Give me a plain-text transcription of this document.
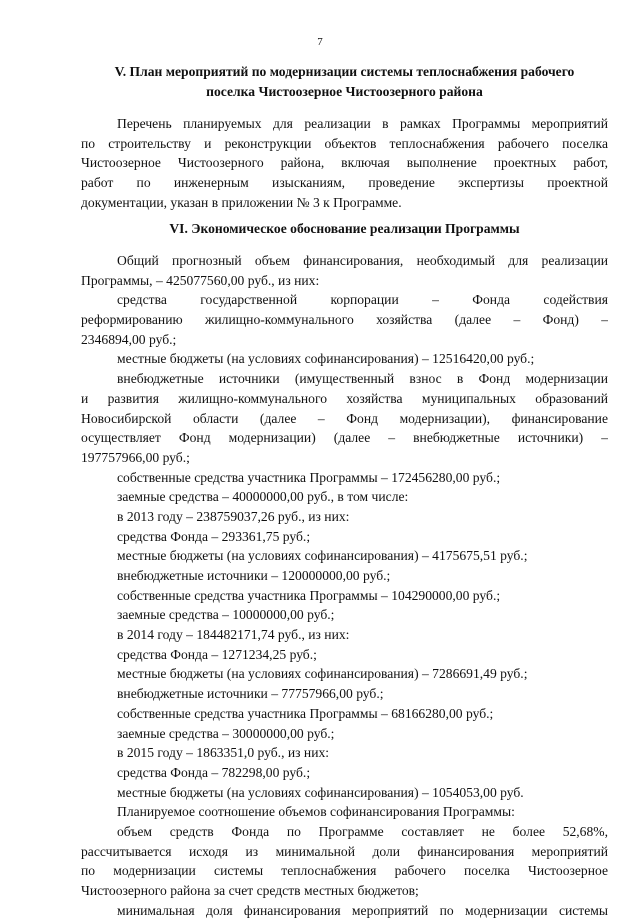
7
V. План мероприятий по модернизации системы теплоснабжения рабочего
поселка Чистоозерное Чистоозерного района
Перечень планируемых для реализации в рамках Программы мероприятий
по строительству и реконструкции объектов теплоснабжения рабочего поселка
Чистоозерное Чистоозерного района, включая выполнение проектных работ,
работ по инженерным изысканиям, проведение экспертизы проектной
документации, указан в приложении № 3 к Программе.
VI. Экономическое обоснование реализации Программы
Общий прогнозный объем финансирования, необходимый для реализации
Программы, – 425077560,00 руб., из них:
средства государственной корпорации – Фонда содействия
реформированию жилищно-коммунального хозяйства (далее – Фонд) –
2346894,00 руб.;
местные бюджеты (на условиях софинансирования) – 12516420,00 руб.;
внебюджетные источники (имущественный взнос в Фонд модернизации
и развития жилищно-коммунального хозяйства муниципальных образований
Новосибирской области (далее – Фонд модернизации), финансирование
осуществляет Фонд модернизации) (далее – внебюджетные источники) –
197757966,00 руб.;
собственные средства участника Программы – 172456280,00 руб.;
заемные средства – 40000000,00 руб., в том числе:
в 2013 году – 238759037,26 руб., из них:
средства Фонда – 293361,75 руб.;
местные бюджеты (на условиях софинансирования) – 4175675,51 руб.;
внебюджетные источники – 120000000,00 руб.;
собственные средства участника Программы – 104290000,00 руб.;
заемные средства – 10000000,00 руб.;
в 2014 году – 184482171,74 руб., из них:
средства Фонда – 1271234,25 руб.;
местные бюджеты (на условиях софинансирования) – 7286691,49 руб.;
внебюджетные источники – 77757966,00 руб.;
собственные средства участника Программы – 68166280,00 руб.;
заемные средства – 30000000,00 руб.;
в 2015 году – 1863351,0 руб., из них:
средства Фонда – 782298,00 руб.;
местные бюджеты (на условиях софинансирования) – 1054053,00 руб.
Планируемое соотношение объемов софинансирования Программы:
объем средств Фонда по Программе составляет не более 52,68%,
рассчитывается исходя из минимальной доли финансирования мероприятий
по модернизации системы теплоснабжения рабочего поселка Чистоозерное
Чистоозерного района за счет средств местных бюджетов;
минимальная доля финансирования мероприятий по модернизации системы
